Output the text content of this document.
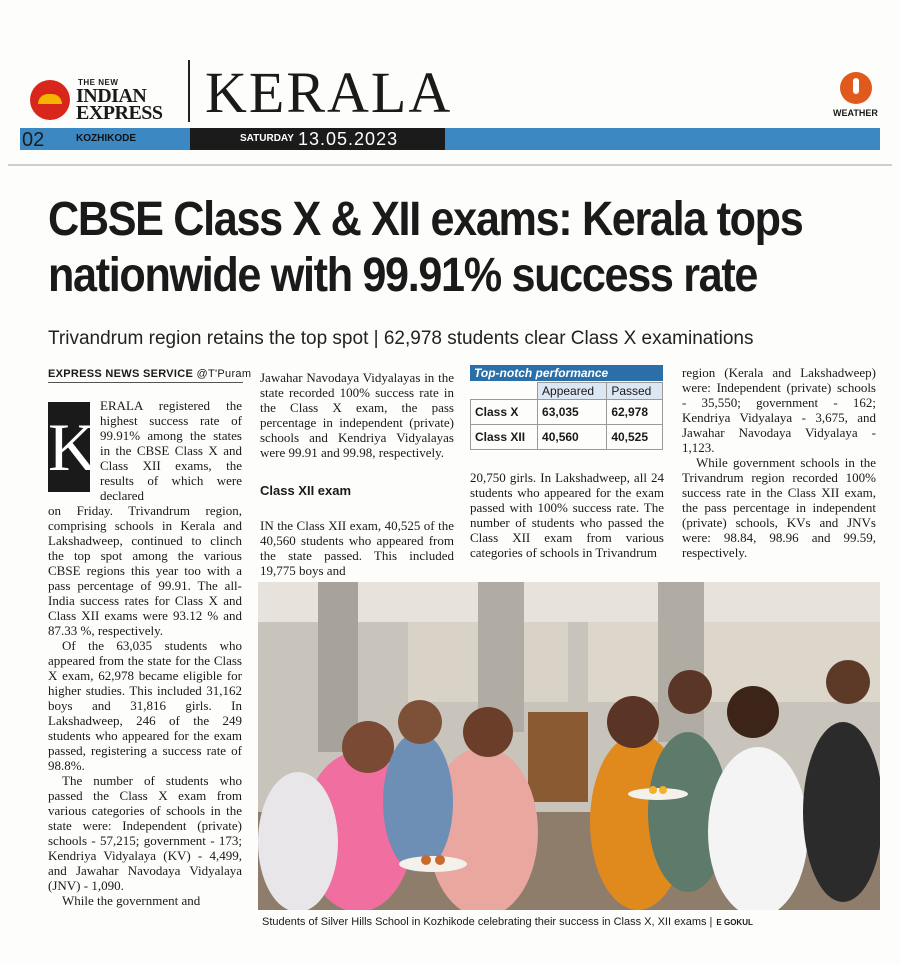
THE NEW
INDIAN
EXPRESS KERALA	WEATHER
02	KOZHIKODE	SATURDAY 13.05.2023
CBSE Class X & XII exams: Kerala tops
nationwide with 99.91% success rate
Trivandrum region retains the top spot | 62,978 students clear Class X examinations
EXPRESS NEWS SERVICE @T'Puram
K
ERALA registered the highest success rate of 99.91% among the states in the CBSE Class X and Class XII exams, the results of which were declared
on Friday. Trivandrum region, comprising schools in Kerala and Lakshadweep, continued to clinch the top spot among the various CBSE regions this year too with a pass percentage of 99.91. The all-India success rates for Class X and Class XII exams were 93.12 % and 87.33 %, respectively.
Of the 63,035 students who appeared from the state for the Class X exam, 62,978 became eligible for higher studies. This included 31,162 boys and 31,816 girls. In Lakshadweep, 246 of the 249 students who appeared for the exam passed, registering a success rate of 98.8%.
The number of students who passed the Class X exam from various categories of schools in the state were: Independent (private) schools - 57,215; government - 173; Kendriya Vidyalaya (KV) - 4,499, and Jawahar Navodaya Vidyalaya (JNV) - 1,090.
While the government and
Jawahar Navodaya Vidyalayas in the state recorded 100% success rate in the Class X exam, the pass percentage in independent (private) schools and Kendriya Vidyalayas were 99.91 and 99.98, respectively.
Class XII exam
IN the Class XII exam, 40,525 of the 40,560 students who appeared from the state passed. This included 19,775 boys and
Top-notch performance
	Appeared	Passed
Class X	63,035	62,978
Class XII	40,560	40,525
20,750 girls. In Lakshadweep, all 24 students who appeared for the exam passed with 100% success rate. The number of students who passed the Class XII exam from various categories of schools in Trivandrum
region (Kerala and Lakshadweep) were: Independent (private) schools - 35,550; government - 162; Kendriya Vidyalaya - 3,675, and Jawahar Navodaya Vidyalaya - 1,123.
While government schools in the Trivandrum region recorded 100% success rate in the Class XII exam, the pass percentage in independent (private) schools, KVs and JNVs were: 98.84, 98.96 and 99.59, respectively.
Students of Silver Hills School in Kozhikode celebrating their success in Class X, XII exams | E GOKUL
